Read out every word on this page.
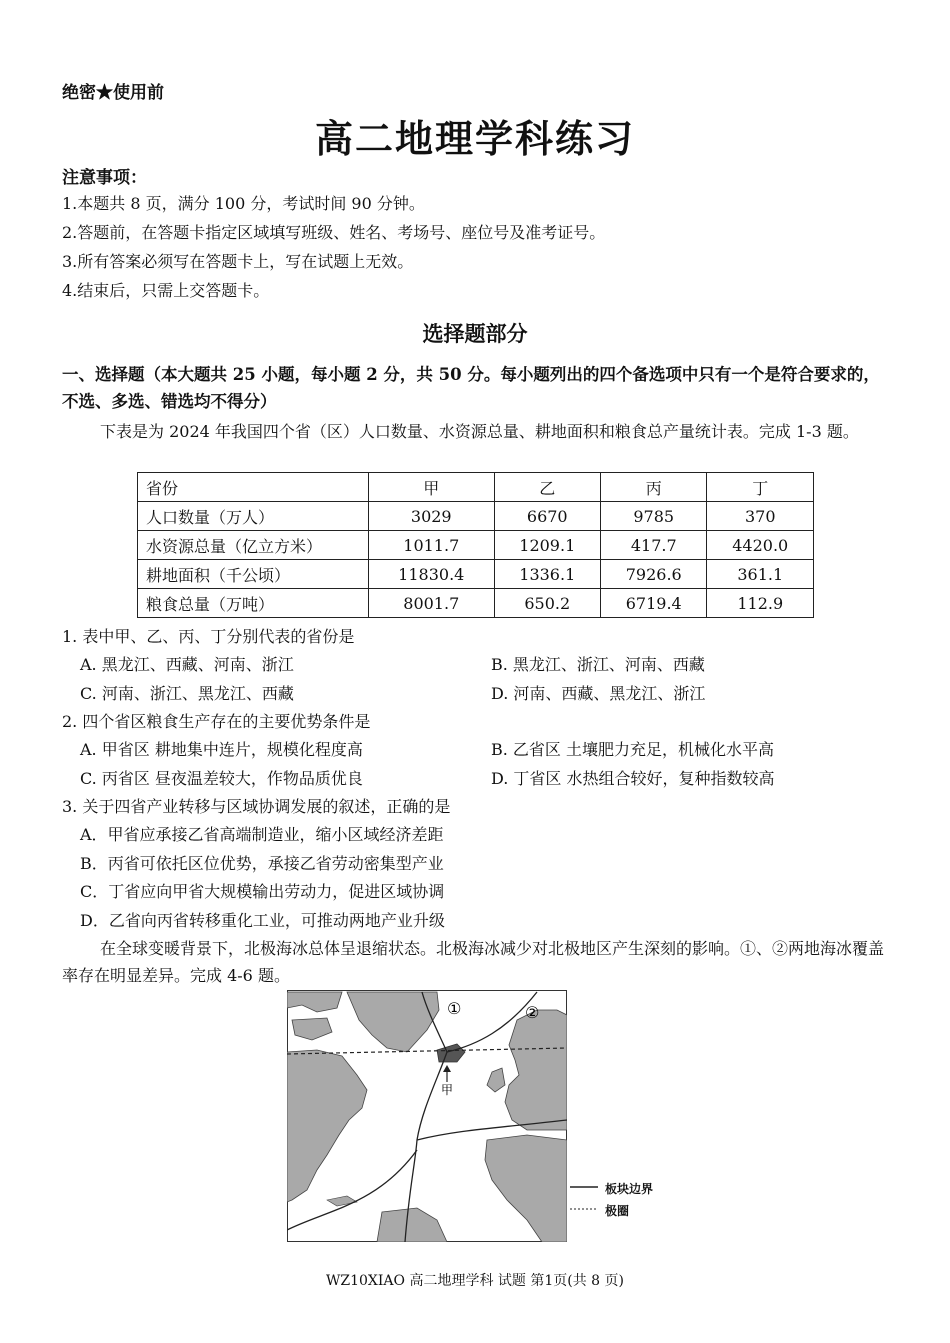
绝密★使用前
高二地理学科练习
注意事项：
1.本题共 8 页，满分 100 分，考试时间 90 分钟。
2.答题前，在答题卡指定区域填写班级、姓名、考场号、座位号及准考证号。
3.所有答案必须写在答题卡上，写在试题上无效。
4.结束后，只需上交答题卡。
选择题部分
一、选择题（本大题共 25 小题，每小题 2 分，共 50 分。每小题列出的四个备选项中只有一个是符合要求的，不选、多选、错选均不得分）
下表是为 2024 年我国四个省（区）人口数量、水资源总量、耕地面积和粮食总产量统计表。完成 1-3 题。
省份	甲	乙	丙	丁
人口数量（万人）	3029	6670	9785	370
水资源总量（亿立方米）	1011.7	1209.1	417.7	4420.0
耕地面积（千公顷）	11830.4	1336.1	7926.6	361.1
粮食总量（万吨）	8001.7	650.2	6719.4	112.9
1. 表中甲、乙、丙、丁分别代表的省份是
A. 黑龙江、西藏、河南、浙江	B. 黑龙江、浙江、河南、西藏
C. 河南、浙江、黑龙江、西藏	D. 河南、西藏、黑龙江、浙江
2. 四个省区粮食生产存在的主要优势条件是
A. 甲省区 耕地集中连片，规模化程度高	B. 乙省区 土壤肥力充足，机械化水平高
C. 丙省区 昼夜温差较大，作物品质优良	D. 丁省区 水热组合较好，复种指数较高
3. 关于四省产业转移与区域协调发展的叙述，正确的是
A．甲省应承接乙省高端制造业，缩小区域经济差距
B．丙省可依托区位优势，承接乙省劳动密集型产业
C．丁省应向甲省大规模输出劳动力，促进区域协调
D．乙省向丙省转移重化工业，可推动两地产业升级
在全球变暖背景下，北极海冰总体呈退缩状态。北极海冰减少对北极地区产生深刻的影响。①、②两地海冰覆盖率存在明显差异。完成 4-6 题。
①	②
甲
板块边界
极圈
WZ10XIAO 高二地理学科 试题 第1页(共 8 页)
